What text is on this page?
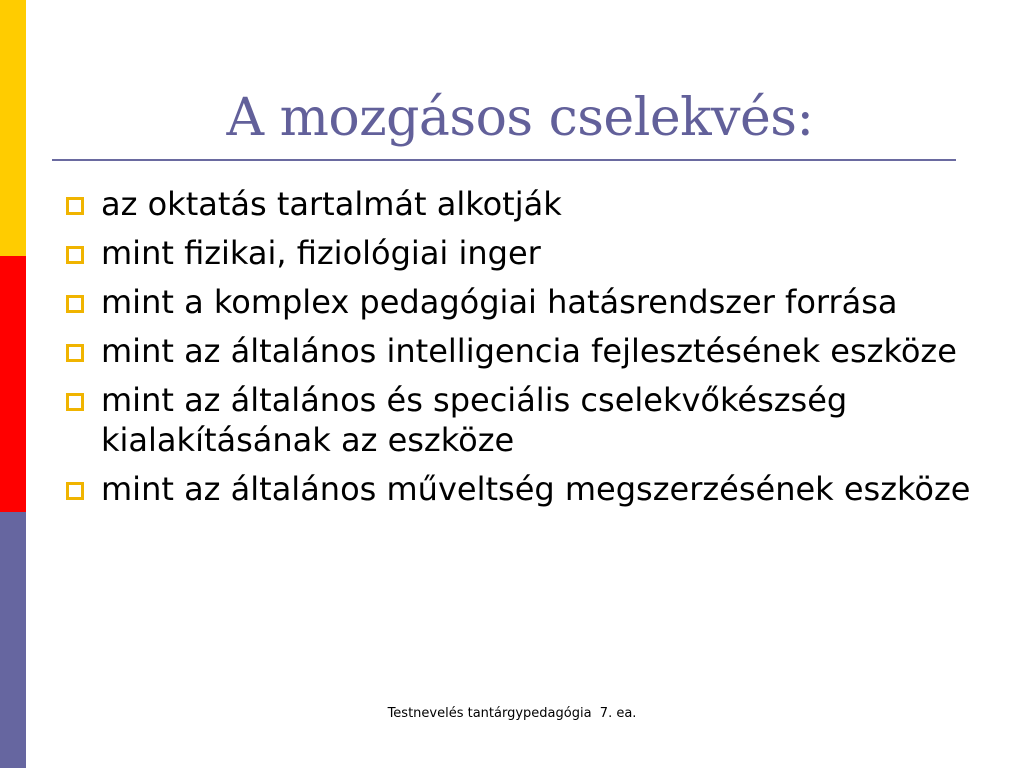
A mozgásos cselekvés:
az oktatás tartalmát alkotják
mint fizikai, fiziológiai inger
mint a komplex pedagógiai hatásrendszer forrása
mint az általános intelligencia fejlesztésének eszköze
mint az általános és speciális cselekvőkészség kialakításának az eszköze
mint az általános műveltség megszerzésének eszköze
Testnevelés tantárgypedagógia  7. ea.
